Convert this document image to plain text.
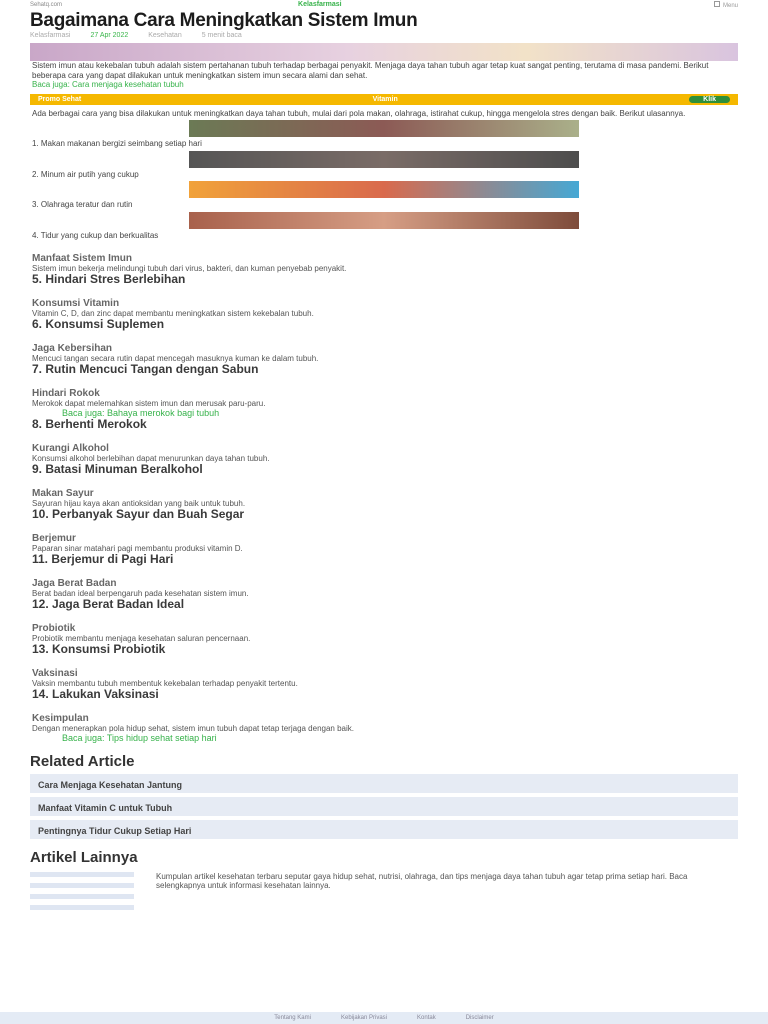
Sehatq.com	Kelasfarmasi	Menu
Bagaimana Cara Meningkatkan Sistem Imun
Kelasfarmasi	27 Apr 2022	Kesehatan	5 menit baca

Sistem imun atau kekebalan tubuh adalah sistem pertahanan tubuh terhadap berbagai penyakit. Menjaga daya tahan tubuh agar tetap kuat sangat penting, terutama di masa pandemi. Berikut beberapa cara yang dapat dilakukan untuk meningkatkan sistem imun secara alami dan sehat.

Baca juga: Cara menjaga kesehatan tubuh

Promo Sehat	Vitamin	Klik

Ada berbagai cara yang bisa dilakukan untuk meningkatkan daya tahan tubuh, mulai dari pola makan, olahraga, istirahat cukup, hingga mengelola stres dengan baik. Berikut ulasannya.

1. Makan makanan bergizi seimbang setiap hari

2. Minum air putih yang cukup

3. Olahraga teratur dan rutin

4. Tidur yang cukup dan berkualitas

Manfaat Sistem Imun

Sistem imun bekerja melindungi tubuh dari virus, bakteri, dan kuman penyebab penyakit.

5. Hindari Stres Berlebihan
Konsumsi Vitamin

Vitamin C, D, dan zinc dapat membantu meningkatkan sistem kekebalan tubuh.

6. Konsumsi Suplemen
Jaga Kebersihan

Mencuci tangan secara rutin dapat mencegah masuknya kuman ke dalam tubuh.

7. Rutin Mencuci Tangan dengan Sabun
Hindari Rokok

Merokok dapat melemahkan sistem imun dan merusak paru-paru.

Baca juga: Bahaya merokok bagi tubuh
8. Berhenti Merokok
Kurangi Alkohol

Konsumsi alkohol berlebihan dapat menurunkan daya tahan tubuh.

9. Batasi Minuman Beralkohol
Makan Sayur

Sayuran hijau kaya akan antioksidan yang baik untuk tubuh.

10. Perbanyak Sayur dan Buah Segar
Berjemur

Paparan sinar matahari pagi membantu produksi vitamin D.

11. Berjemur di Pagi Hari
Jaga Berat Badan

Berat badan ideal berpengaruh pada kesehatan sistem imun.

12. Jaga Berat Badan Ideal
Probiotik

Probiotik membantu menjaga kesehatan saluran pencernaan.

13. Konsumsi Probiotik
Vaksinasi

Vaksin membantu tubuh membentuk kekebalan terhadap penyakit tertentu.

14. Lakukan Vaksinasi
Kesimpulan

Dengan menerapkan pola hidup sehat, sistem imun tubuh dapat tetap terjaga dengan baik.

Baca juga: Tips hidup sehat setiap hari
Related Article
Cara Menjaga Kesehatan Jantung
Manfaat Vitamin C untuk Tubuh
Pentingnya Tidur Cukup Setiap Hari
Artikel Lainnya
Kumpulan artikel kesehatan terbaru seputar gaya hidup sehat, nutrisi, olahraga, dan tips menjaga daya tahan tubuh agar tetap prima setiap hari. Baca selengkapnya untuk informasi kesehatan lainnya.
Tentang Kami	Kebijakan Privasi	Kontak	Disclaimer
